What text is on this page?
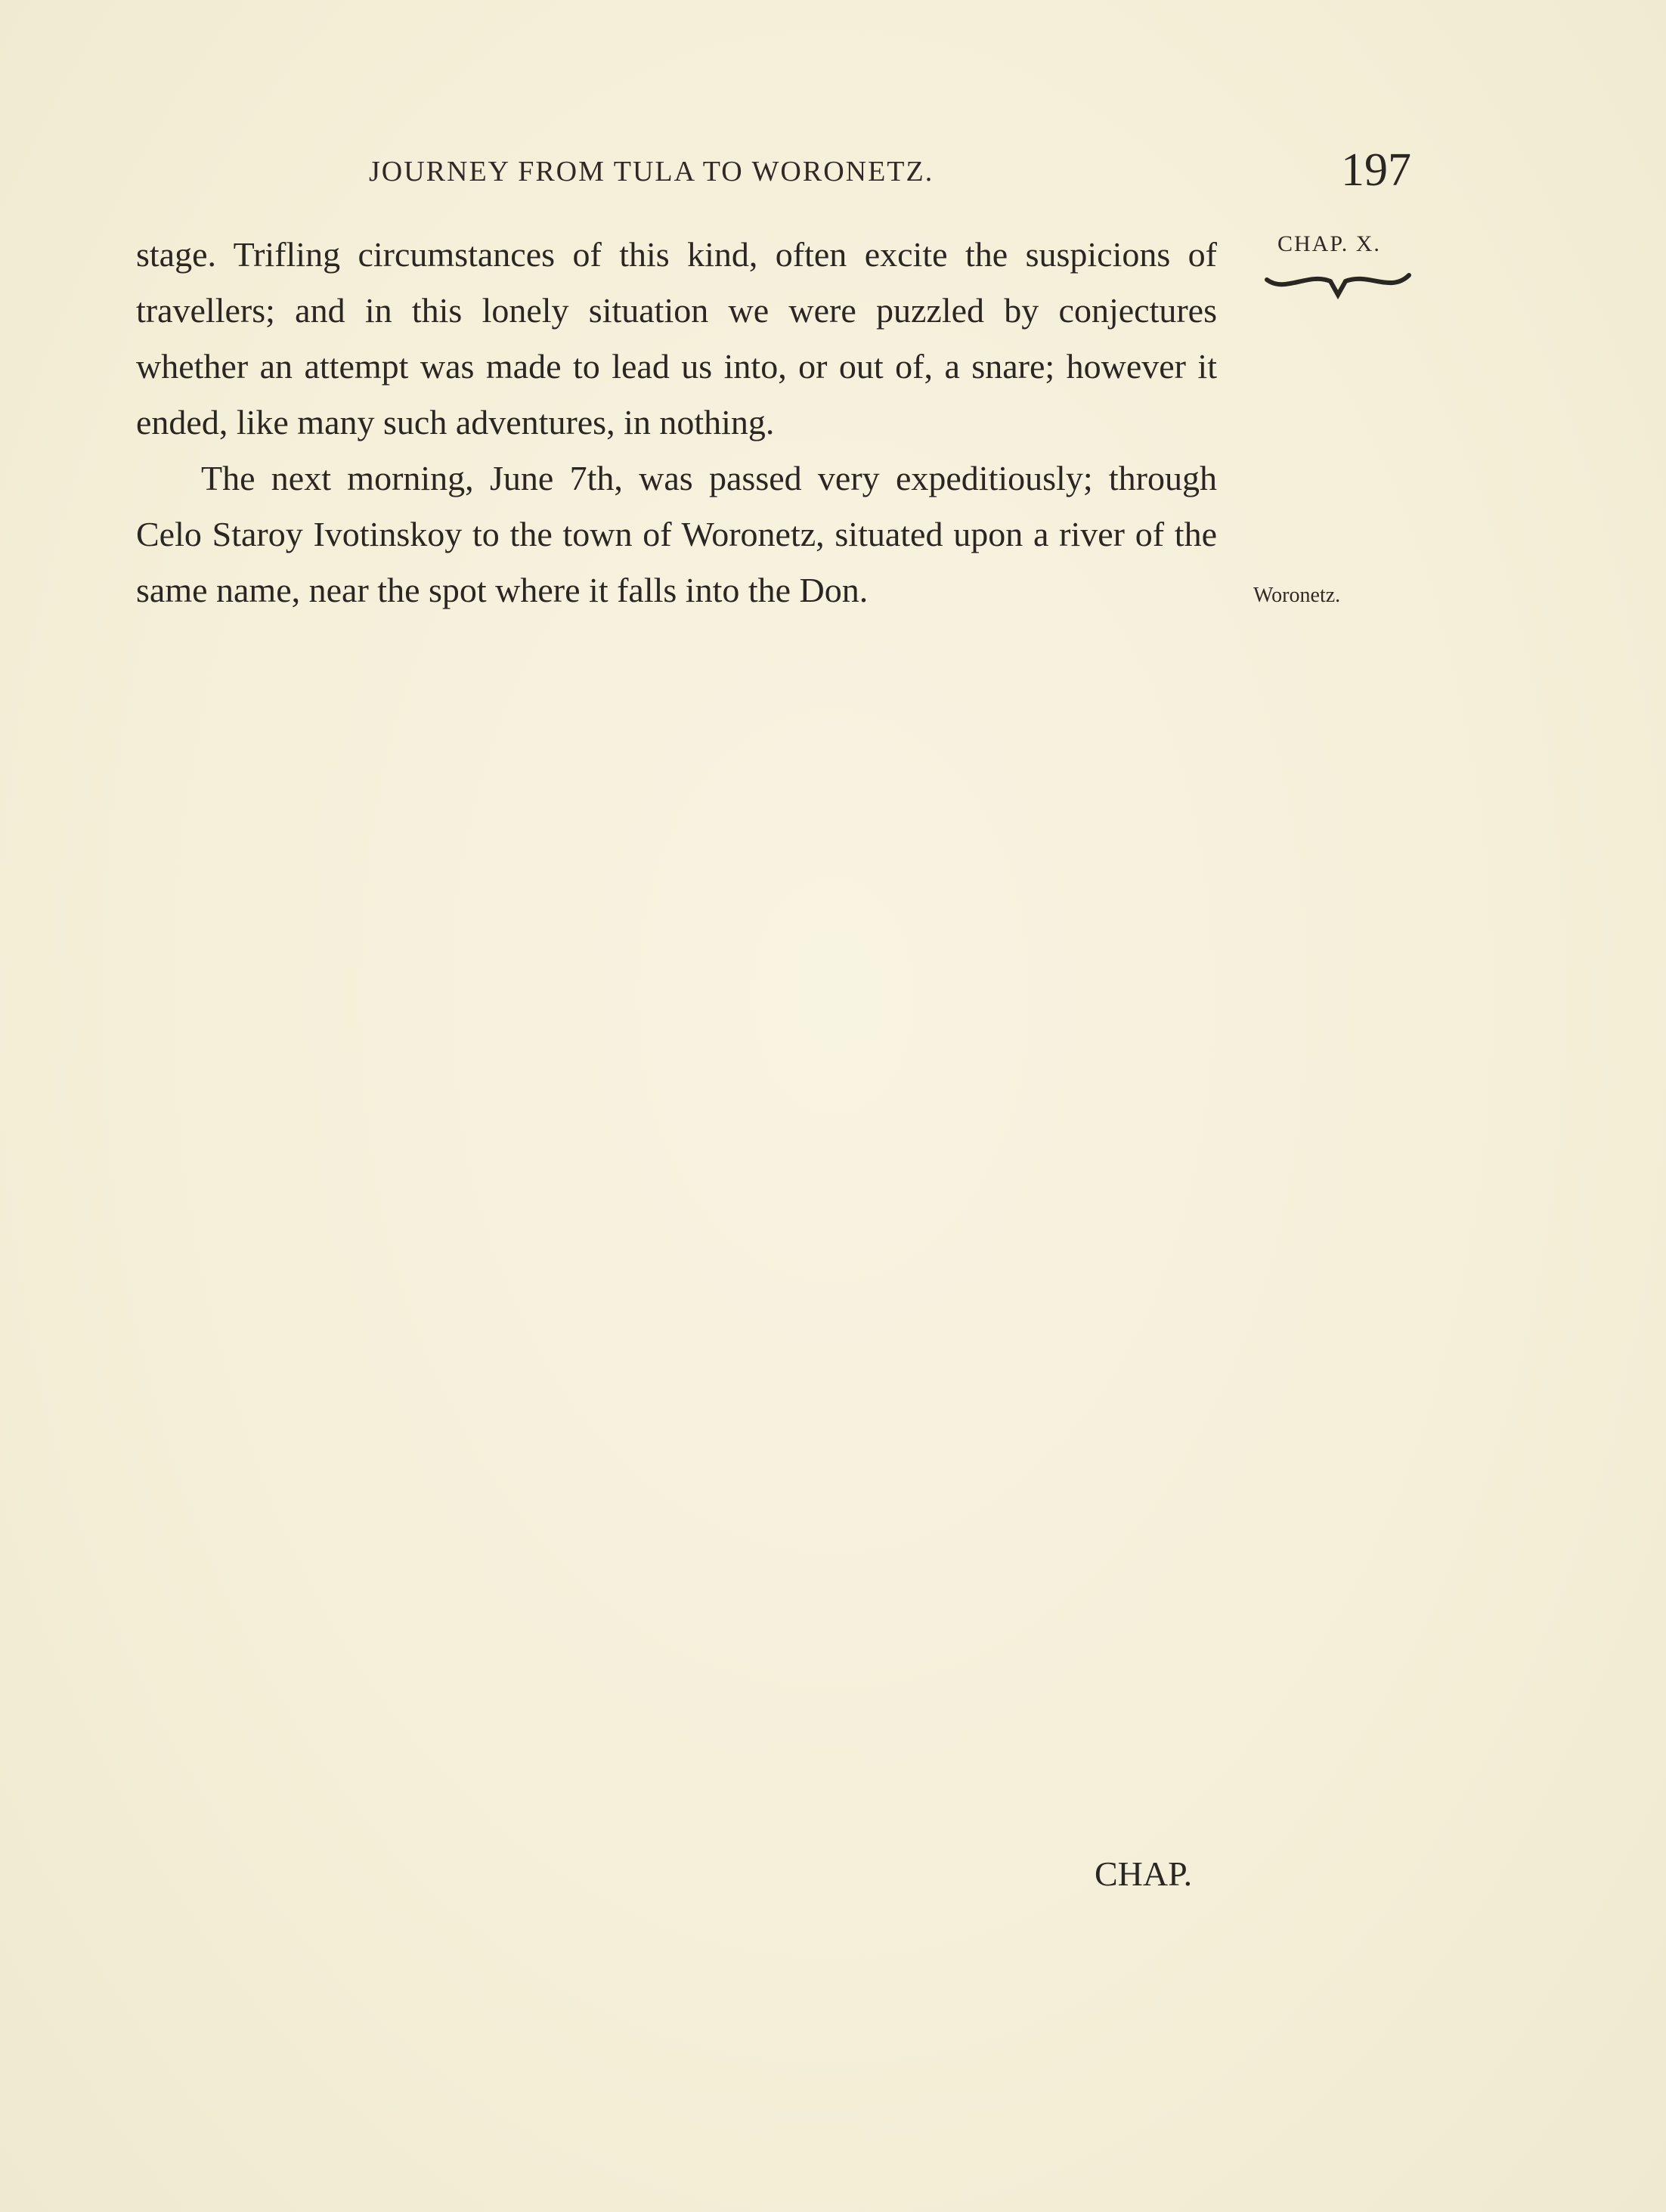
JOURNEY FROM TULA TO WORONETZ.	197
CHAP. X.
Woronetz.

stage. Trifling circumstances of this kind, often excite the suspicions of travellers; and in this lonely situation we were puzzled by conjectures whether an attempt was made to lead us into, or out of, a snare; however it ended, like many such adventures, in nothing.

The next morning, June 7th, was passed very expeditiously; through Celo Staroy Ivotinskoy to the town of Woronetz, situated upon a river of the same name, near the spot where it falls into the Don.

CHAP.
